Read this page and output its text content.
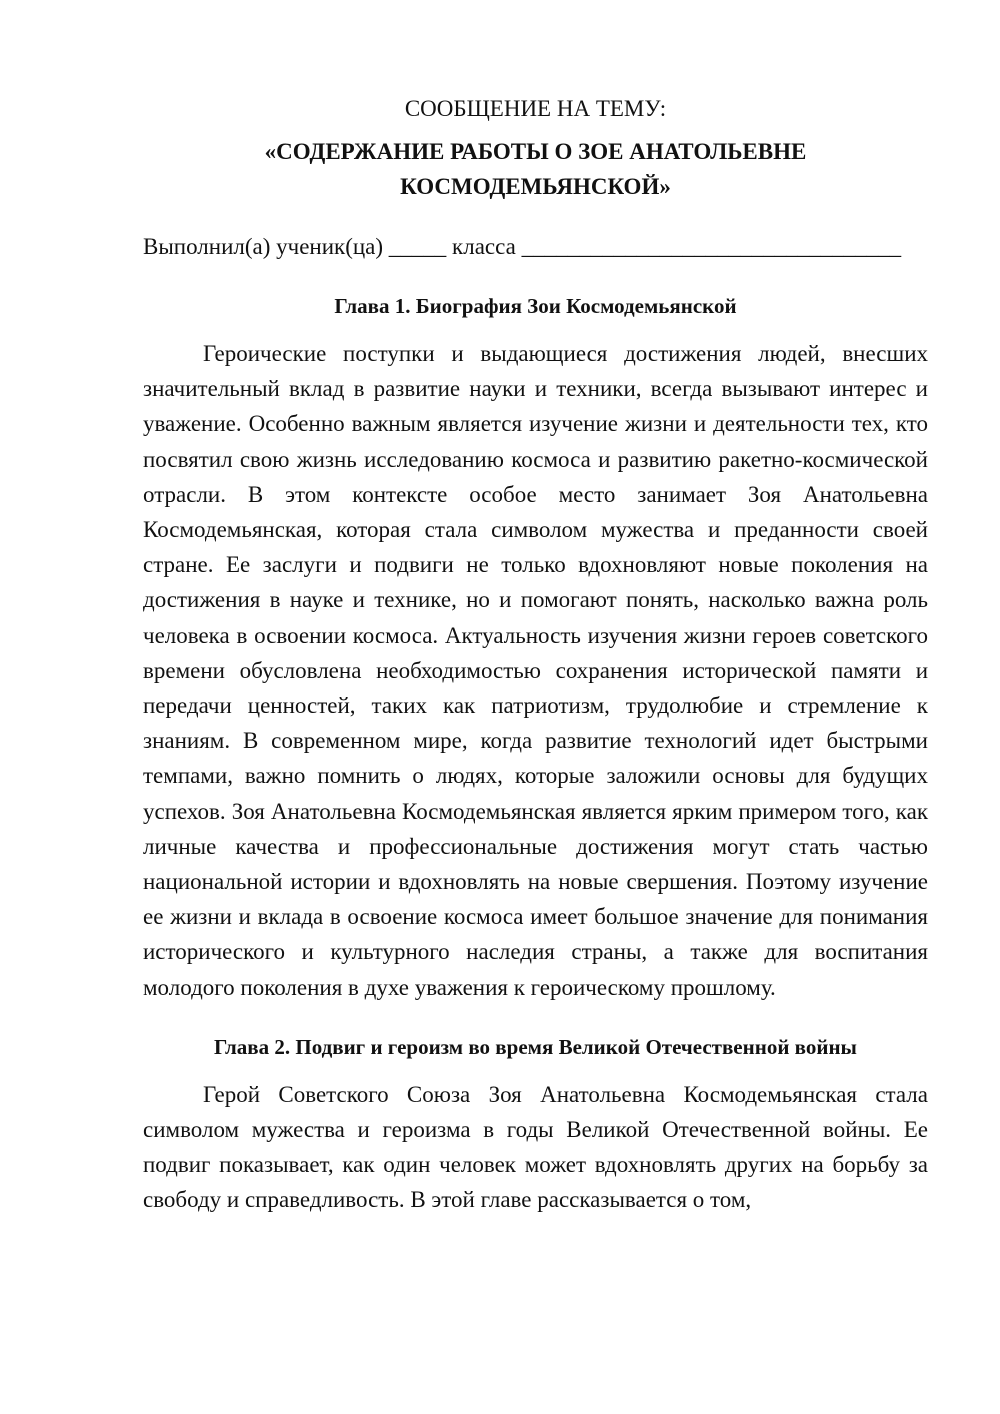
СООБЩЕНИЕ НА ТЕМУ:

«СОДЕРЖАНИЕ РАБОТЫ О ЗОЕ АНАТОЛЬЕВНЕ
КОСМОДЕМЬЯНСКОЙ»

Выполнил(а) ученик(ца) _____ класса _________________________________

Глава 1. Биография Зои Космодемьянской

Героические поступки и выдающиеся достижения людей, внесших значительный вклад в развитие науки и техники, всегда вызывают интерес и уважение. Особенно важным является изучение жизни и деятельности тех, кто посвятил свою жизнь исследованию космоса и развитию ракетно-космической отрасли. В этом контексте особое место занимает Зоя Анатольевна Космодемьянская, которая стала символом мужества и преданности своей стране. Ее заслуги и подвиги не только вдохновляют новые поколения на достижения в науке и технике, но и помогают понять, насколько важна роль человека в освоении космоса. Актуальность изучения жизни героев советского времени обусловлена необходимостью сохранения исторической памяти и передачи ценностей, таких как патриотизм, трудолюбие и стремление к знаниям. В современном мире, когда развитие технологий идет быстрыми темпами, важно помнить о людях, которые заложили основы для будущих успехов. Зоя Анатольевна Космодемьянская является ярким примером того, как личные качества и профессиональные достижения могут стать частью национальной истории и вдохновлять на новые свершения. Поэтому изучение ее жизни и вклада в освоение космоса имеет большое значение для понимания исторического и культурного наследия страны, а также для воспитания молодого поколения в духе уважения к героическому прошлому.

Глава 2. Подвиг и героизм во время Великой Отечественной войны

Герой Советского Союза Зоя Анатольевна Космодемьянская стала символом мужества и героизма в годы Великой Отечественной войны. Ее подвиг показывает, как один человек может вдохновлять других на борьбу за свободу и справедливость. В этой главе рассказывается о том,
